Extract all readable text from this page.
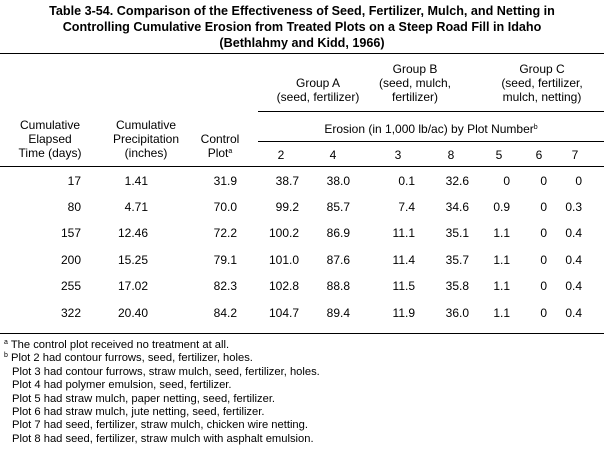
Table 3-54. Comparison of the Effectiveness of Seed, Fertilizer, Mulch, and Netting in
Controlling Cumulative Erosion from Treated Plots on a Steep Road Fill in Idaho
(Bethlahmy and Kidd, 1966)
Group A
(seed, fertilizer)
Group B
(seed, mulch,
fertilizer)
Group C
(seed, fertilizer,
mulch, netting)
Cumulative
Elapsed
Time (days)
Cumulative
Precipitation
(inches)
Control
Plot$^a$
Erosion (in 1,000 lb/ac) by Plot Number$^b$
2	4	3	8	5	6	7
17	1.41	31.9	38.7	38.0	0.1	32.6	0	0	0
80	4.71	70.0	99.2	85.7	7.4	34.6	0.9	0	0.3
157	12.46	72.2	100.2	86.9	11.1	35.1	1.1	0	0.4
200	15.25	79.1	101.0	87.6	11.4	35.7	1.1	0	0.4
255	17.02	82.3	102.8	88.8	11.5	35.8	1.1	0	0.4
322	20.40	84.2	104.7	89.4	11.9	36.0	1.1	0	0.4
$^a$ The control plot received no treatment at all.
$^b$ Plot 2 had contour furrows, seed, fertilizer, holes.
Plot 3 had contour furrows, straw mulch, seed, fertilizer, holes.
Plot 4 had polymer emulsion, seed, fertilizer.
Plot 5 had straw mulch, paper netting, seed, fertilizer.
Plot 6 had straw mulch, jute netting, seed, fertilizer.
Plot 7 had seed, fertilizer, straw mulch, chicken wire netting.
Plot 8 had seed, fertilizer, straw mulch with asphalt emulsion.
